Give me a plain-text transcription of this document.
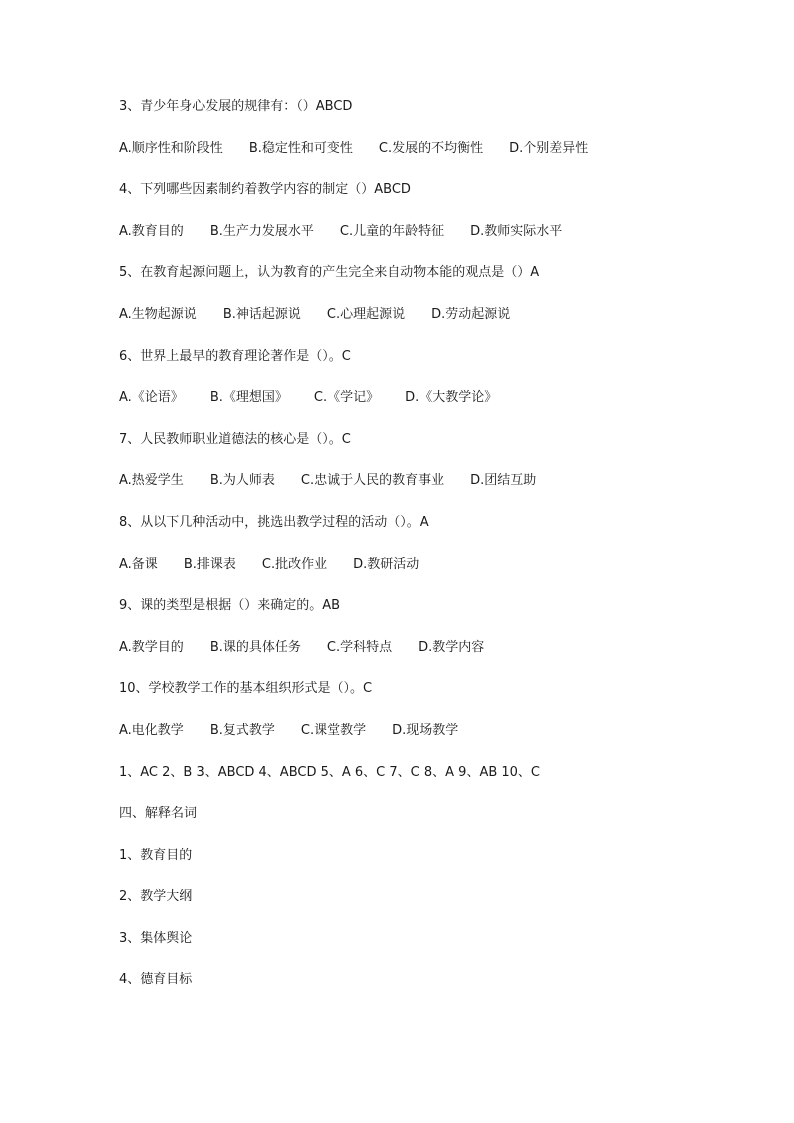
3、青少年身心发展的规律有：（）ABCD
A.顺序性和阶段性 B.稳定性和可变性 C.发展的不均衡性 D.个别差异性
4、下列哪些因素制约着教学内容的制定（）ABCD
A.教育目的 B.生产力发展水平 C.儿童的年龄特征 D.教师实际水平
5、在教育起源问题上，认为教育的产生完全来自动物本能的观点是（）A
A.生物起源说 B.神话起源说 C.心理起源说 D.劳动起源说
6、世界上最早的教育理论著作是（）。C
A.《论语》 B.《理想国》 C.《学记》 D.《大教学论》
7、人民教师职业道德法的核心是（）。C
A.热爱学生 B.为人师表 C.忠诚于人民的教育事业 D.团结互助
8、从以下几种活动中，挑选出教学过程的活动（）。A
A.备课 B.排课表 C.批改作业 D.教研活动
9、课的类型是根据（）来确定的。AB
A.教学目的 B.课的具体任务 C.学科特点 D.教学内容
10、学校教学工作的基本组织形式是（）。C
A.电化教学 B.复式教学 C.课堂教学 D.现场教学
1、AC 2、B 3、ABCD 4、ABCD 5、A 6、C 7、C 8、A 9、AB 10、C
四、解释名词
1、教育目的
2、教学大纲
3、集体舆论
4、德育目标
